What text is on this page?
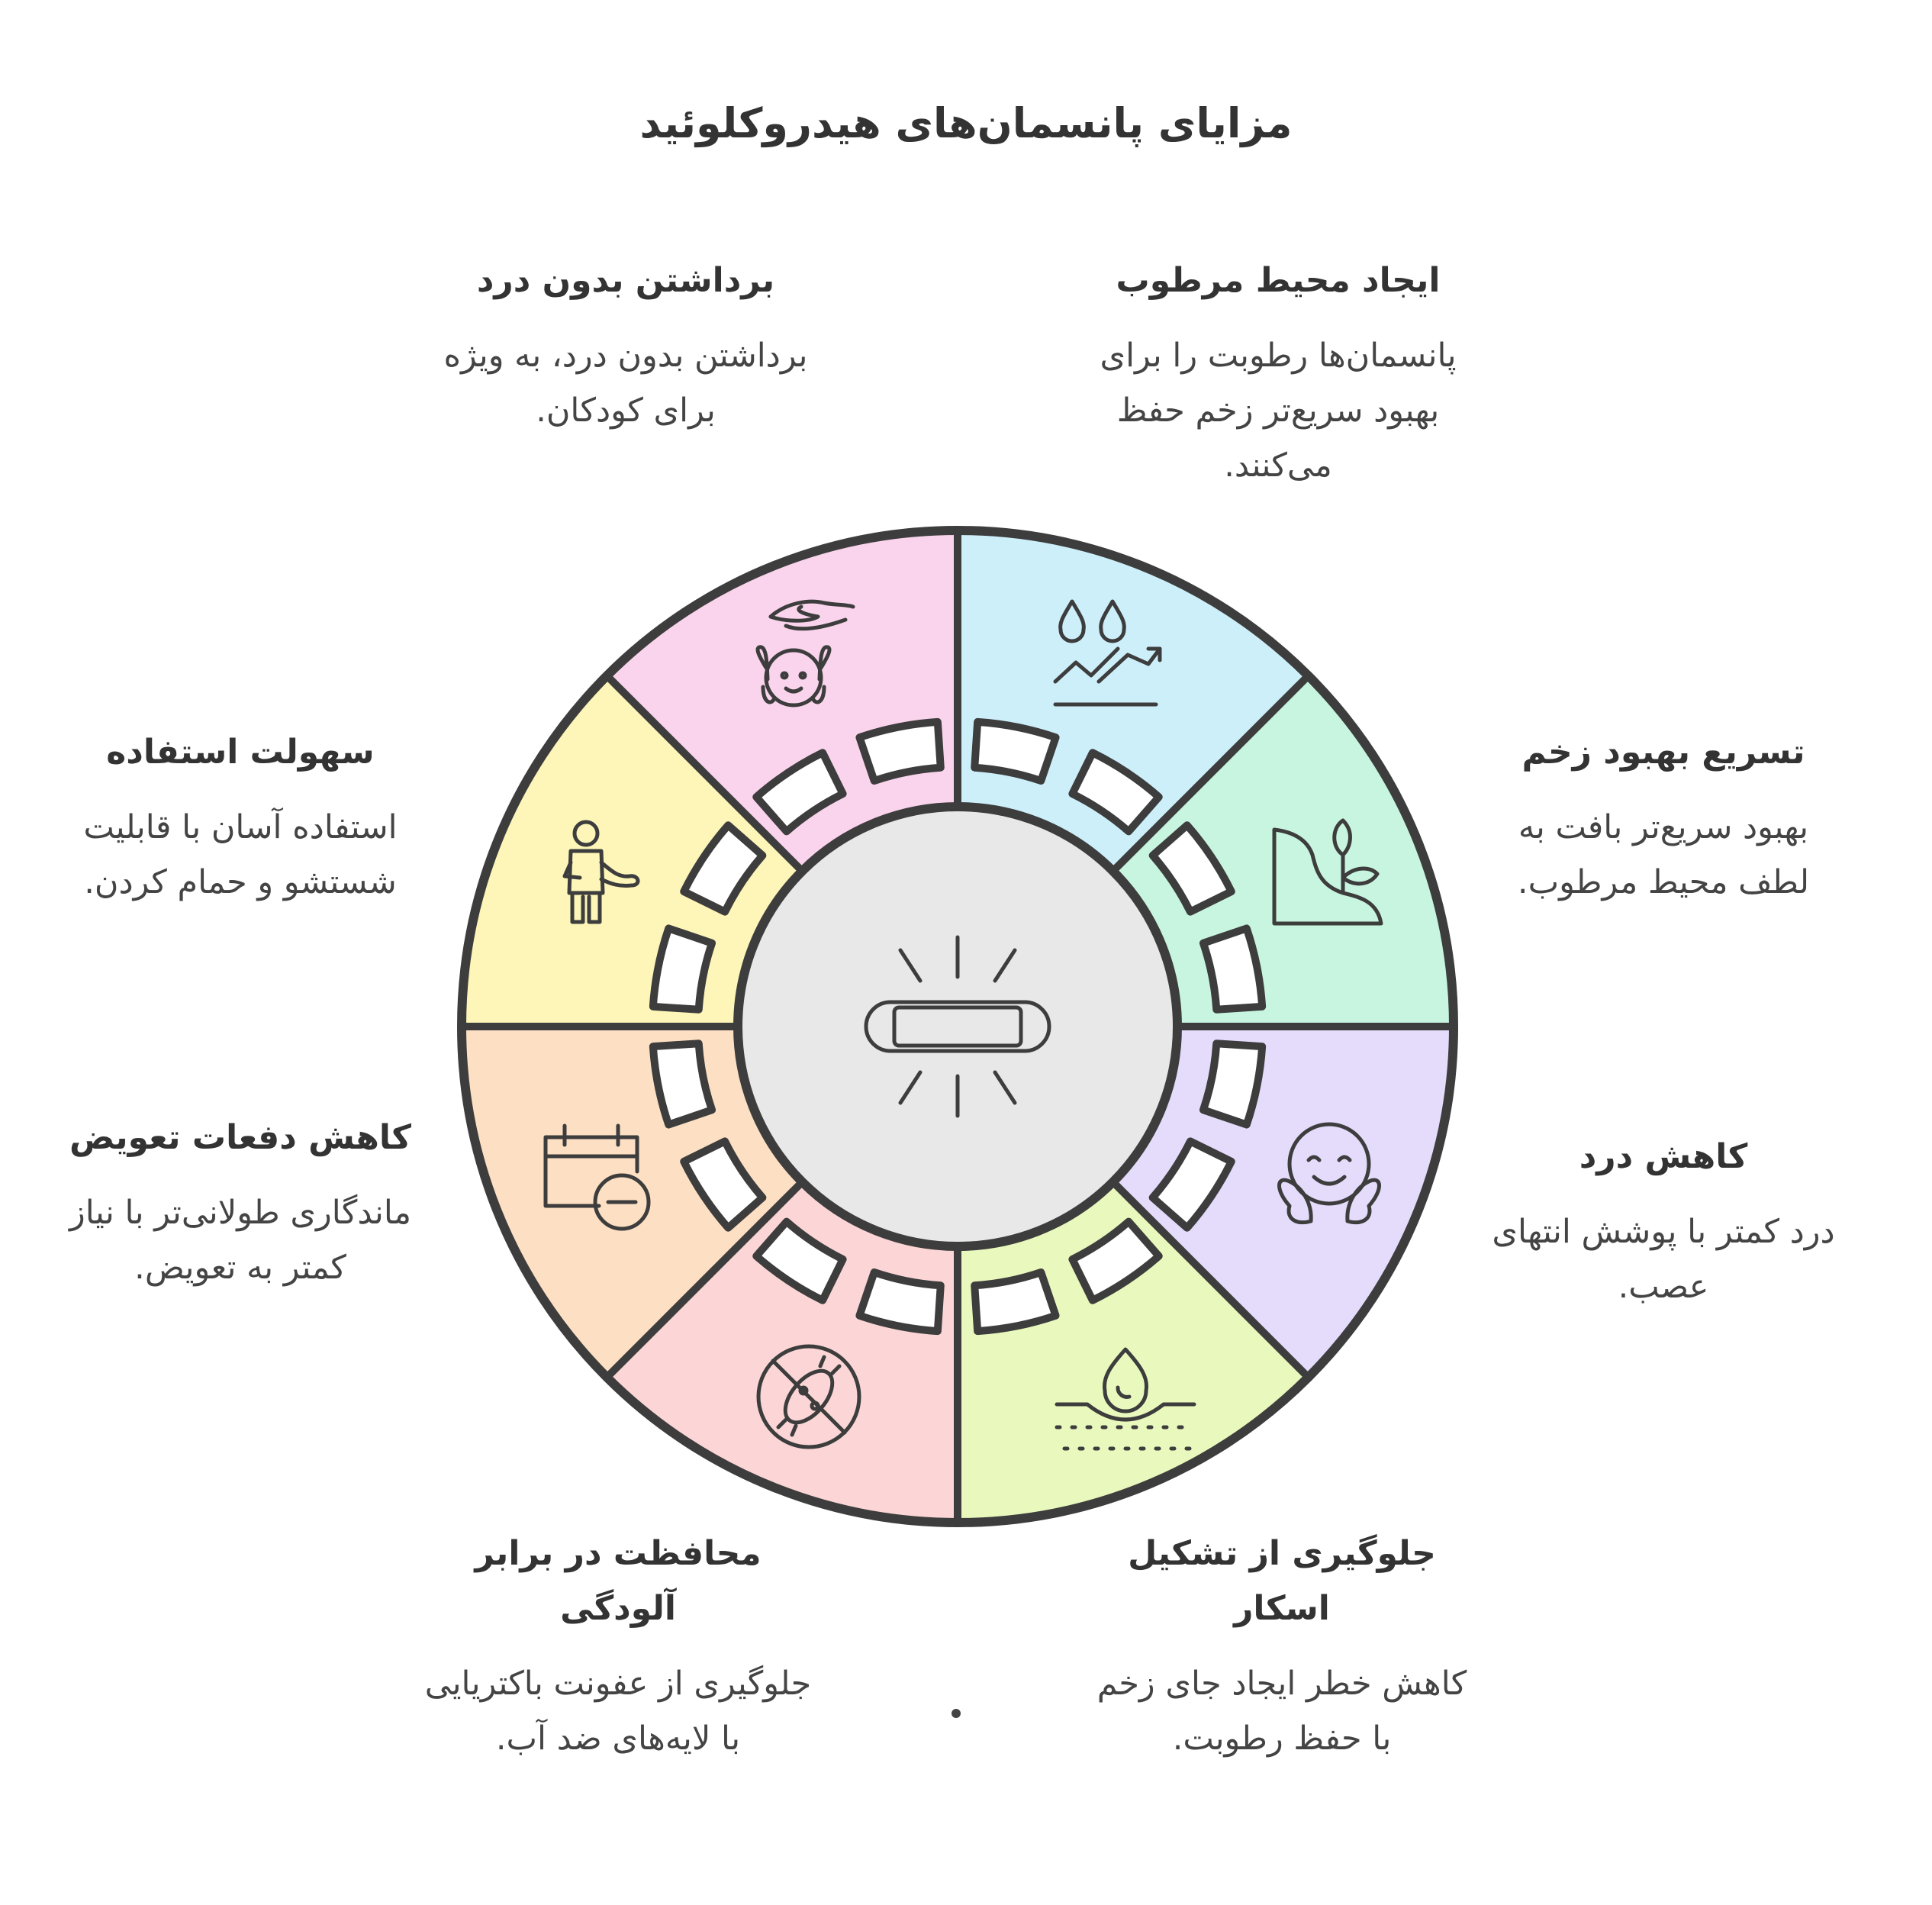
مزایای پانسمان‌های هیدروکلوئید
ایجاد محیط مرطوب
پانسمان‌ها رطوبت را برای بهبود سریع‌تر زخم حفظ می‌کنند.
تسریع بهبود زخم
بهبود سریع‌تر بافت به لطف محیط مرطوب.
کاهش درد
درد کمتر با پوشش انتهای عصب.
جلوگیری از تشکیل اسکار
کاهش خطر ایجاد جای زخم با حفظ رطوبت.
محافظت در برابر آلودگی
جلوگیری از عفونت باکتریایی با لایه‌های ضد آب.
کاهش دفعات تعویض
ماندگاری طولانی‌تر با نیاز کمتر به تعویض.
سهولت استفاده
استفاده آسان با قابلیت شستشو و حمام کردن.
برداشتن بدون درد
برداشتن بدون درد، به ویژه برای کودکان.
